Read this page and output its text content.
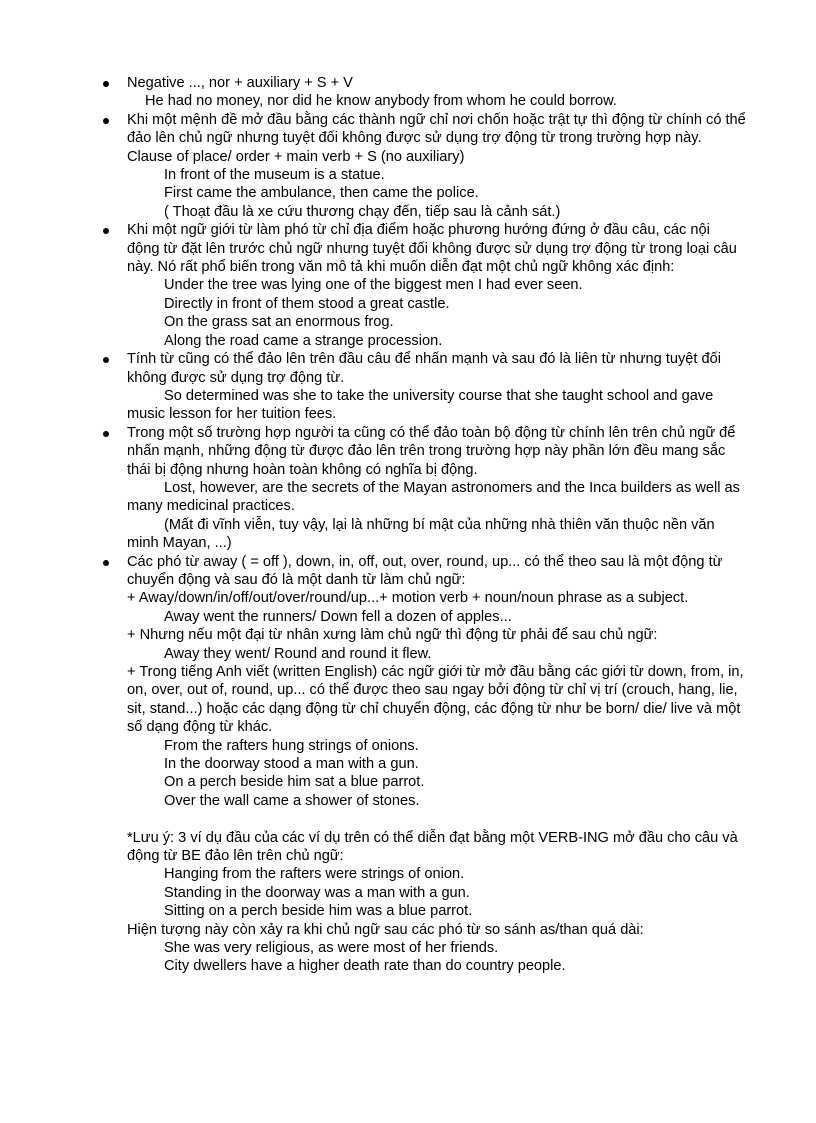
Negative ..., nor + auxiliary + S + V
He had no money, nor did he know anybody from whom he could borrow.
Khi một mệnh đề mở đầu bằng các thành ngữ chỉ nơi chốn hoặc trật tự thì động từ chính có thể đảo lên chủ ngữ nhưng tuyệt đối không được sử dụng trợ động từ trong trường hợp này.
Clause of place/ order + main verb + S (no auxiliary)
In front of the museum is a statue.
First came the ambulance, then came the police.
( Thoạt đầu là xe cứu thương chạy đến, tiếp sau là cảnh sát.)
Khi một ngữ giới từ làm phó từ chỉ địa điểm hoặc phương hướng đứng ở đầu câu, các nội động từ đặt lên trước chủ ngữ nhưng tuyệt đối không được sử dụng trợ động từ trong loại câu này. Nó rất phổ biến trong văn mô tả khi muốn diễn đạt một chủ ngữ không xác định:
Under the tree was lying one of the biggest men I had ever seen.
Directly in front of them stood a great castle.
On the grass sat an enormous frog.
Along the road came a strange procession.
Tính từ cũng có thể đảo lên trên đầu câu để nhấn mạnh và sau đó là liên từ nhưng tuyệt đối không được sử dụng trợ động từ.
So determined was she to take the university course that she taught school and gave music lesson for her tuition fees.
Trong một số trường hợp người ta cũng có thể đảo toàn bộ động từ chính lên trên chủ ngữ để nhấn mạnh, những động từ được đảo lên trên trong trường hợp này phần lớn đều mang sắc thái bị động nhưng hoàn toàn không có nghĩa bị động.
Lost, however, are the secrets of the Mayan astronomers and the Inca builders as well as many medicinal practices.
(Mất đi vĩnh viễn, tuy vậy, lại là những bí mật của những nhà thiên văn thuộc nền văn minh Mayan, ...)
Các phó từ away ( = off ), down, in, off, out, over, round, up... có thể theo sau là một động từ chuyển động và sau đó là một danh từ làm chủ ngữ:
+ Away/down/in/off/out/over/round/up...+ motion verb + noun/noun phrase as a subject.
Away went the runners/ Down fell a dozen of apples...
+ Nhưng nếu một đại từ nhân xưng làm chủ ngữ thì động từ phải để sau chủ ngữ:
Away they went/ Round and round it flew.
+ Trong tiếng Anh viết (written English) các ngữ giới từ mở đầu bằng các giới từ down, from, in, on, over, out of, round, up... có thể được theo sau ngay bởi động từ chỉ vị trí (crouch, hang, lie, sit, stand...) hoặc các dạng động từ chỉ chuyển động, các động từ như be born/ die/ live và một số dạng động từ khác.
From the rafters hung strings of onions.
In the doorway stood a man with a gun.
On a perch beside him sat a blue parrot.
Over the wall came a shower of stones.
*Lưu ý: 3 ví dụ đầu của các ví dụ trên có thể diễn đạt bằng một VERB-ING mở đầu cho câu và động từ BE đảo lên trên chủ ngữ:
Hanging from the rafters were strings of onion.
Standing in the doorway was a man with a gun.
Sitting on a perch beside him was a blue parrot.
Hiện tượng này còn xảy ra khi chủ ngữ sau các phó từ so sánh as/than quá dài:
She was very religious, as were most of her friends.
City dwellers have a higher death rate than do country people.
